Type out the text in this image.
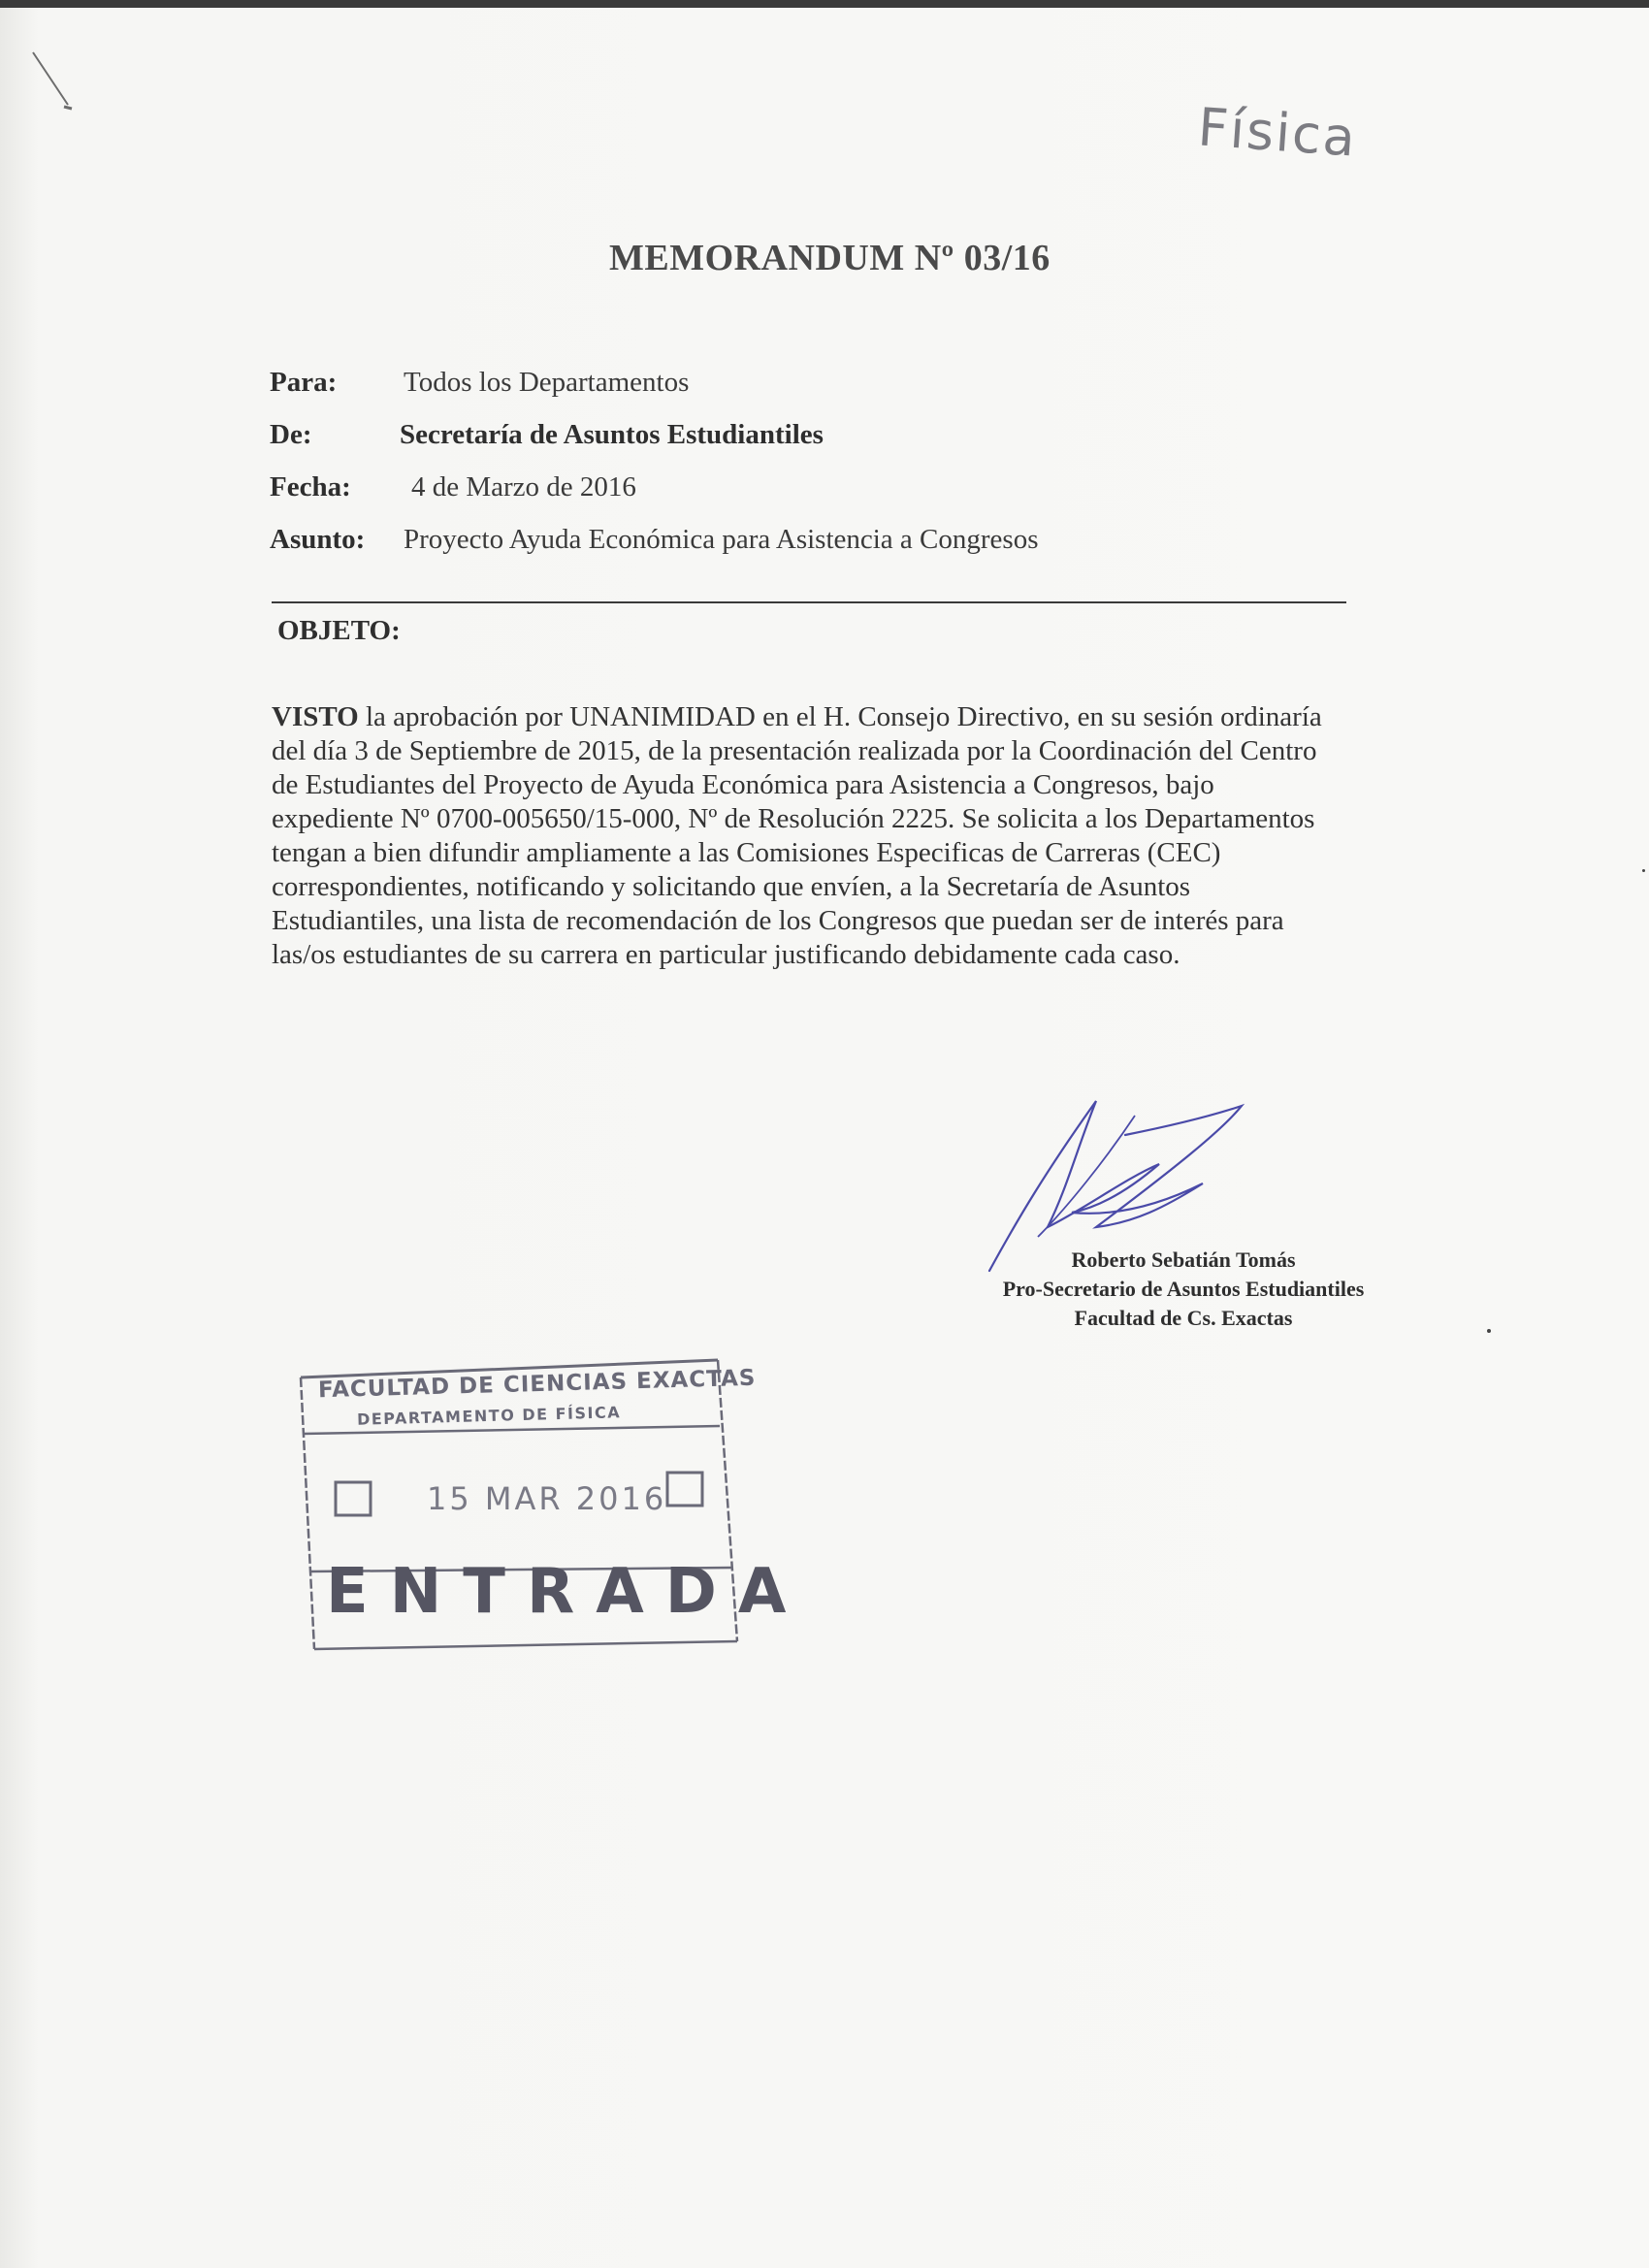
Física
MEMORANDUM Nº 03/16
Para: Todos los Departamentos
De:	Secretaría de Asuntos Estudiantiles
Fecha: 4 de Marzo de 2016
Asunto: Proyecto Ayuda Económica para Asistencia a Congresos
OBJETO:
VISTO la aprobación por UNANIMIDAD en el H. Consejo Directivo, en su sesión ordinaría
del día 3 de Septiembre de 2015, de la presentación realizada por la Coordinación del Centro
de Estudiantes del Proyecto de Ayuda Económica para Asistencia a Congresos, bajo
expediente Nº 0700-005650/15-000, Nº de Resolución 2225. Se solicita a los Departamentos
tengan a bien difundir ampliamente a las Comisiones Especificas de Carreras (CEC)
correspondientes, notificando y solicitando que envíen, a la Secretaría de Asuntos
Estudiantiles, una lista de recomendación de los Congresos que puedan ser de interés para
las/os estudiantes de su carrera en particular justificando debidamente cada caso.
Roberto Sebatián Tomás
Pro-Secretario de Asuntos Estudiantiles
Facultad de Cs. Exactas
FACULTAD DE CIENCIAS EXACTAS
DEPARTAMENTO DE FÍSICA
15 MAR 2016
ENTRADA
